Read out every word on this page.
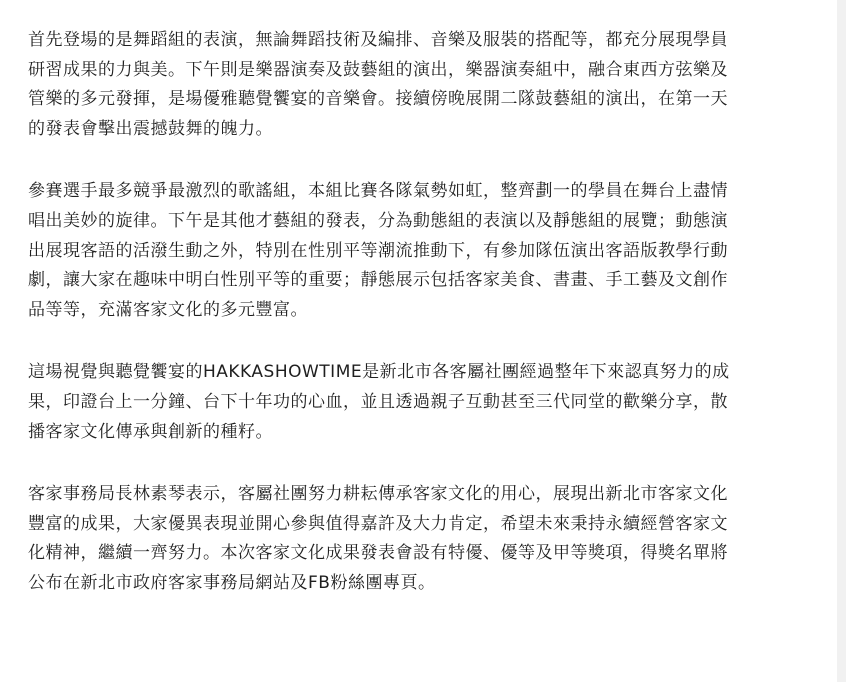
首先登場的是舞蹈組的表演，無論舞蹈技術及編排、音樂及服裝的搭配等，都充分展現學員
研習成果的力與美。下午則是樂器演奏及鼓藝組的演出，樂器演奏組中，融合東西方弦樂及
管樂的多元發揮，是場優雅聽覺饗宴的音樂會。接續傍晚展開二隊鼓藝組的演出，在第一天
的發表會擊出震撼鼓舞的魄力。

參賽選手最多競爭最激烈的歌謠組，本組比賽各隊氣勢如虹，整齊劃一的學員在舞台上盡情
唱出美妙的旋律。下午是其他才藝組的發表，分為動態組的表演以及靜態組的展覽；動態演
出展現客語的活潑生動之外，特別在性別平等潮流推動下，有參加隊伍演出客語版教學行動
劇，讓大家在趣味中明白性別平等的重要；靜態展示包括客家美食、書畫、手工藝及文創作
品等等，充滿客家文化的多元豐富。

這場視覺與聽覺饗宴的HAKKASHOWTIME是新北市各客屬社團經過整年下來認真努力的成
果，印證台上一分鐘、台下十年功的心血，並且透過親子互動甚至三代同堂的歡樂分享，散
播客家文化傳承與創新的種籽。

客家事務局長林素琴表示，客屬社團努力耕耘傳承客家文化的用心，展現出新北市客家文化
豐富的成果，大家優異表現並開心參與值得嘉許及大力肯定，希望未來秉持永續經營客家文
化精神，繼續一齊努力。本次客家文化成果發表會設有特優、優等及甲等獎項，得獎名單將
公布在新北市政府客家事務局網站及FB粉絲團專頁。
